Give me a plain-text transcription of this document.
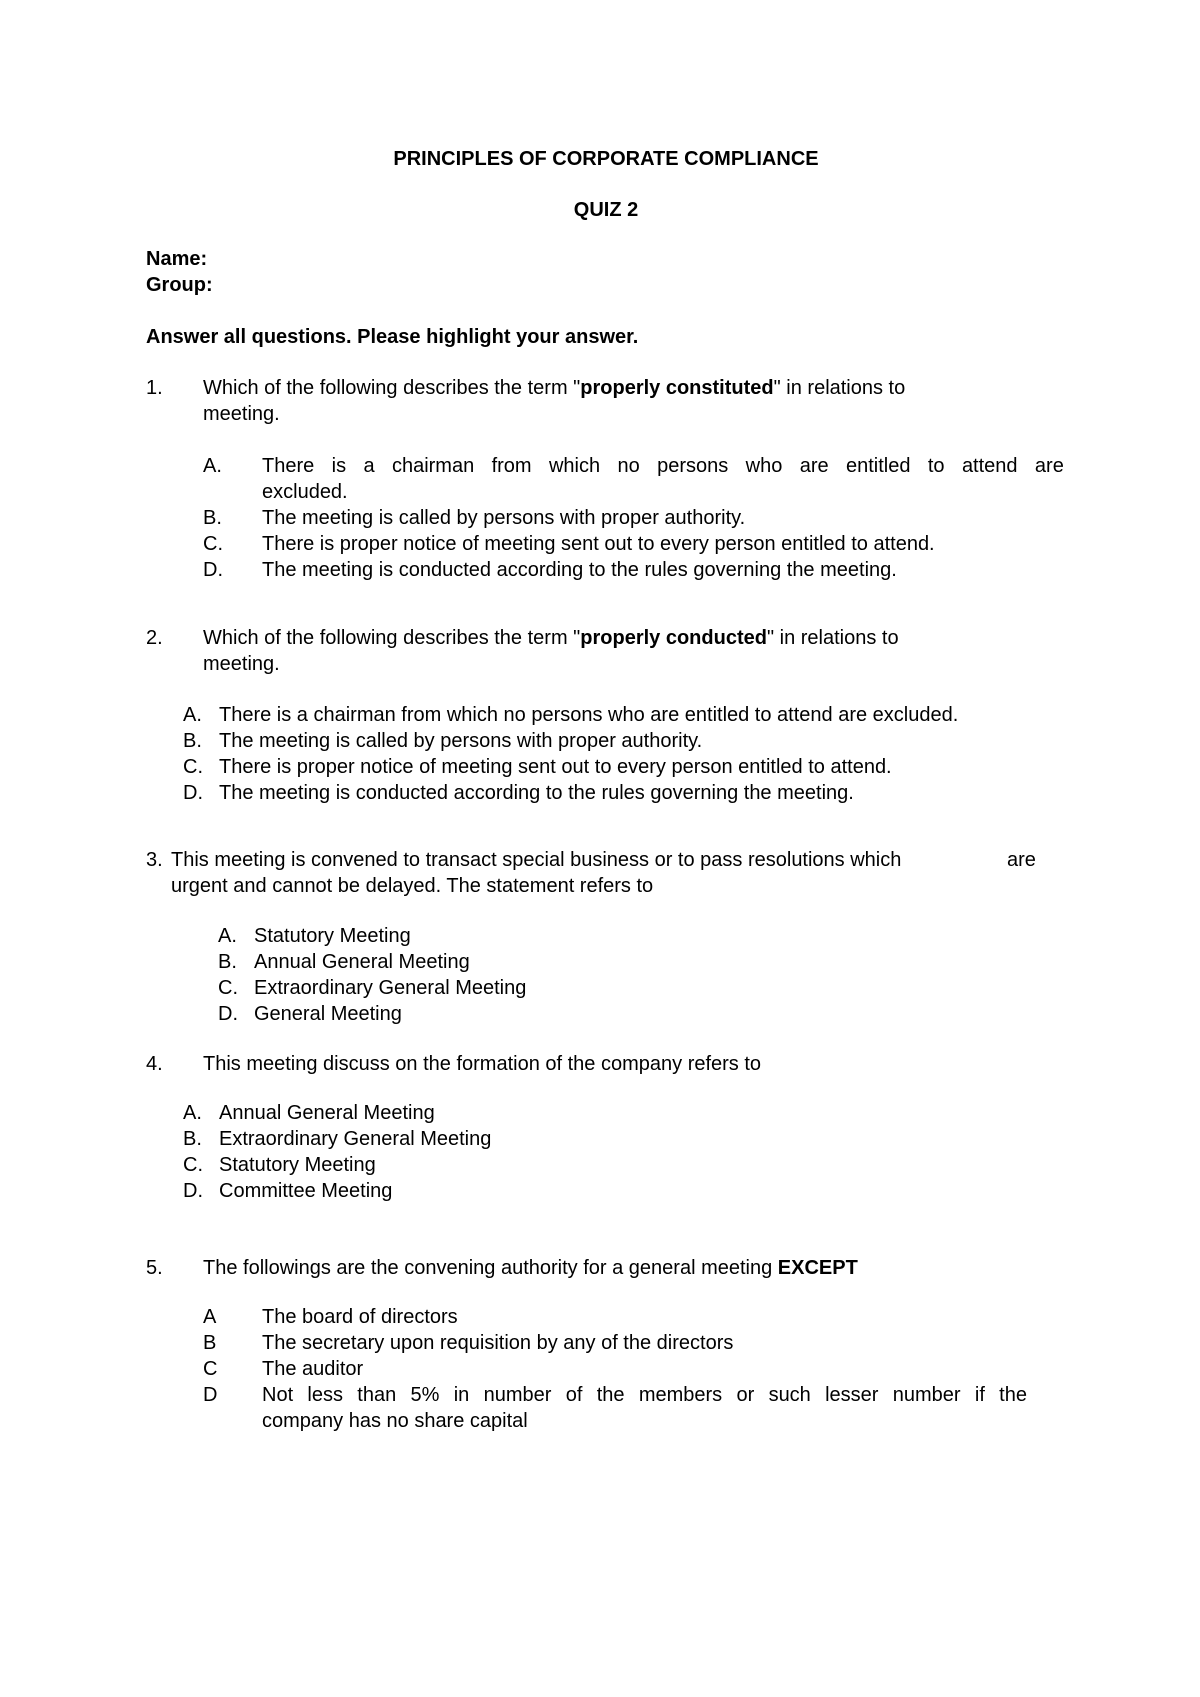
PRINCIPLES OF CORPORATE COMPLIANCE
QUIZ 2
Name:
Group:
Answer all questions. Please highlight your answer.
1. Which of the following describes the term "properly constituted" in relations to
meeting.
A. There is a chairman from which no persons who are entitled to attend are
excluded.
B. The meeting is called by persons with proper authority.
C. There is proper notice of meeting sent out to every person entitled to attend.
D. The meeting is conducted according to the rules governing the meeting.
2. Which of the following describes the term "properly conducted" in relations to
meeting.
A. There is a chairman from which no persons who are entitled to attend are excluded.
B. The meeting is called by persons with proper authority.
C. There is proper notice of meeting sent out to every person entitled to attend.
D. The meeting is conducted according to the rules governing the meeting.
3. This meeting is convened to transact special business or to pass resolutions which	are
urgent and cannot be delayed. The statement refers to
A. Statutory Meeting
B. Annual General Meeting
C. Extraordinary General Meeting
D. General Meeting
4. This meeting discuss on the formation of the company refers to
A. Annual General Meeting
B. Extraordinary General Meeting
C. Statutory Meeting
D. Committee Meeting
5. The followings are the convening authority for a general meeting EXCEPT
A The board of directors
B The secretary upon requisition by any of the directors
C The auditor
D Not less than 5% in number of the members or such lesser number if the
company has no share capital
